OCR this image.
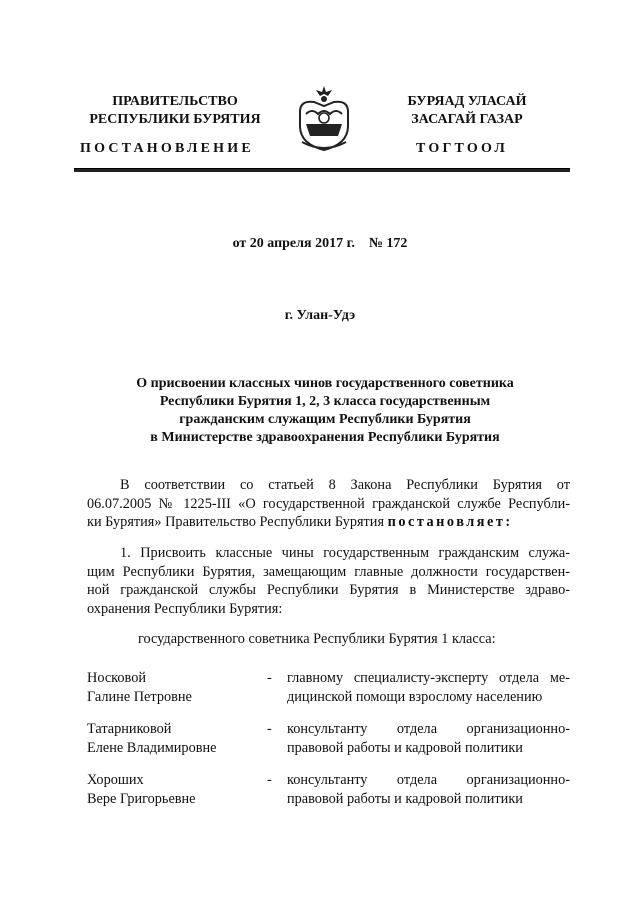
ПРАВИТЕЛЬСТВО
РЕСПУБЛИКИ БУРЯТИЯ
БУРЯАД УЛАСАЙ
ЗАСАГАЙ ГАЗАР
ПОСТАНОВЛЕНИЕ	ТОГТООЛ
от 20 апреля 2017 г. № 172
г. Улан-Удэ
О присвоении классных чинов государственного советника
Республики Бурятия 1, 2, 3 класса государственным
гражданским служащим Республики Бурятия
в Министерстве здравоохранения Республики Бурятия
В соответствии со статьей 8 Закона Республики Бурятия от
06.07.2005 № 1225-III «О государственной гражданской службе Республи-
ки Бурятия» Правительство Республики Бурятия постановляет:
1. Присвоить классные чины государственным гражданским служа-
щим Республики Бурятия, замещающим главные должности государствен-
ной гражданской службы Республики Бурятия в Министерстве здраво-
охранения Республики Бурятия:
государственного советника Республики Бурятия 1 класса:
Носковой
Галине Петровне
- главному специалисту-эксперту отдела ме-
дицинской помощи взрослому населению
Татарниковой
Елене Владимировне
- консультанту отдела организационно-
правовой работы и кадровой политики
Хороших
Вере Григорьевне
- консультанту отдела организационно-
правовой работы и кадровой политики
